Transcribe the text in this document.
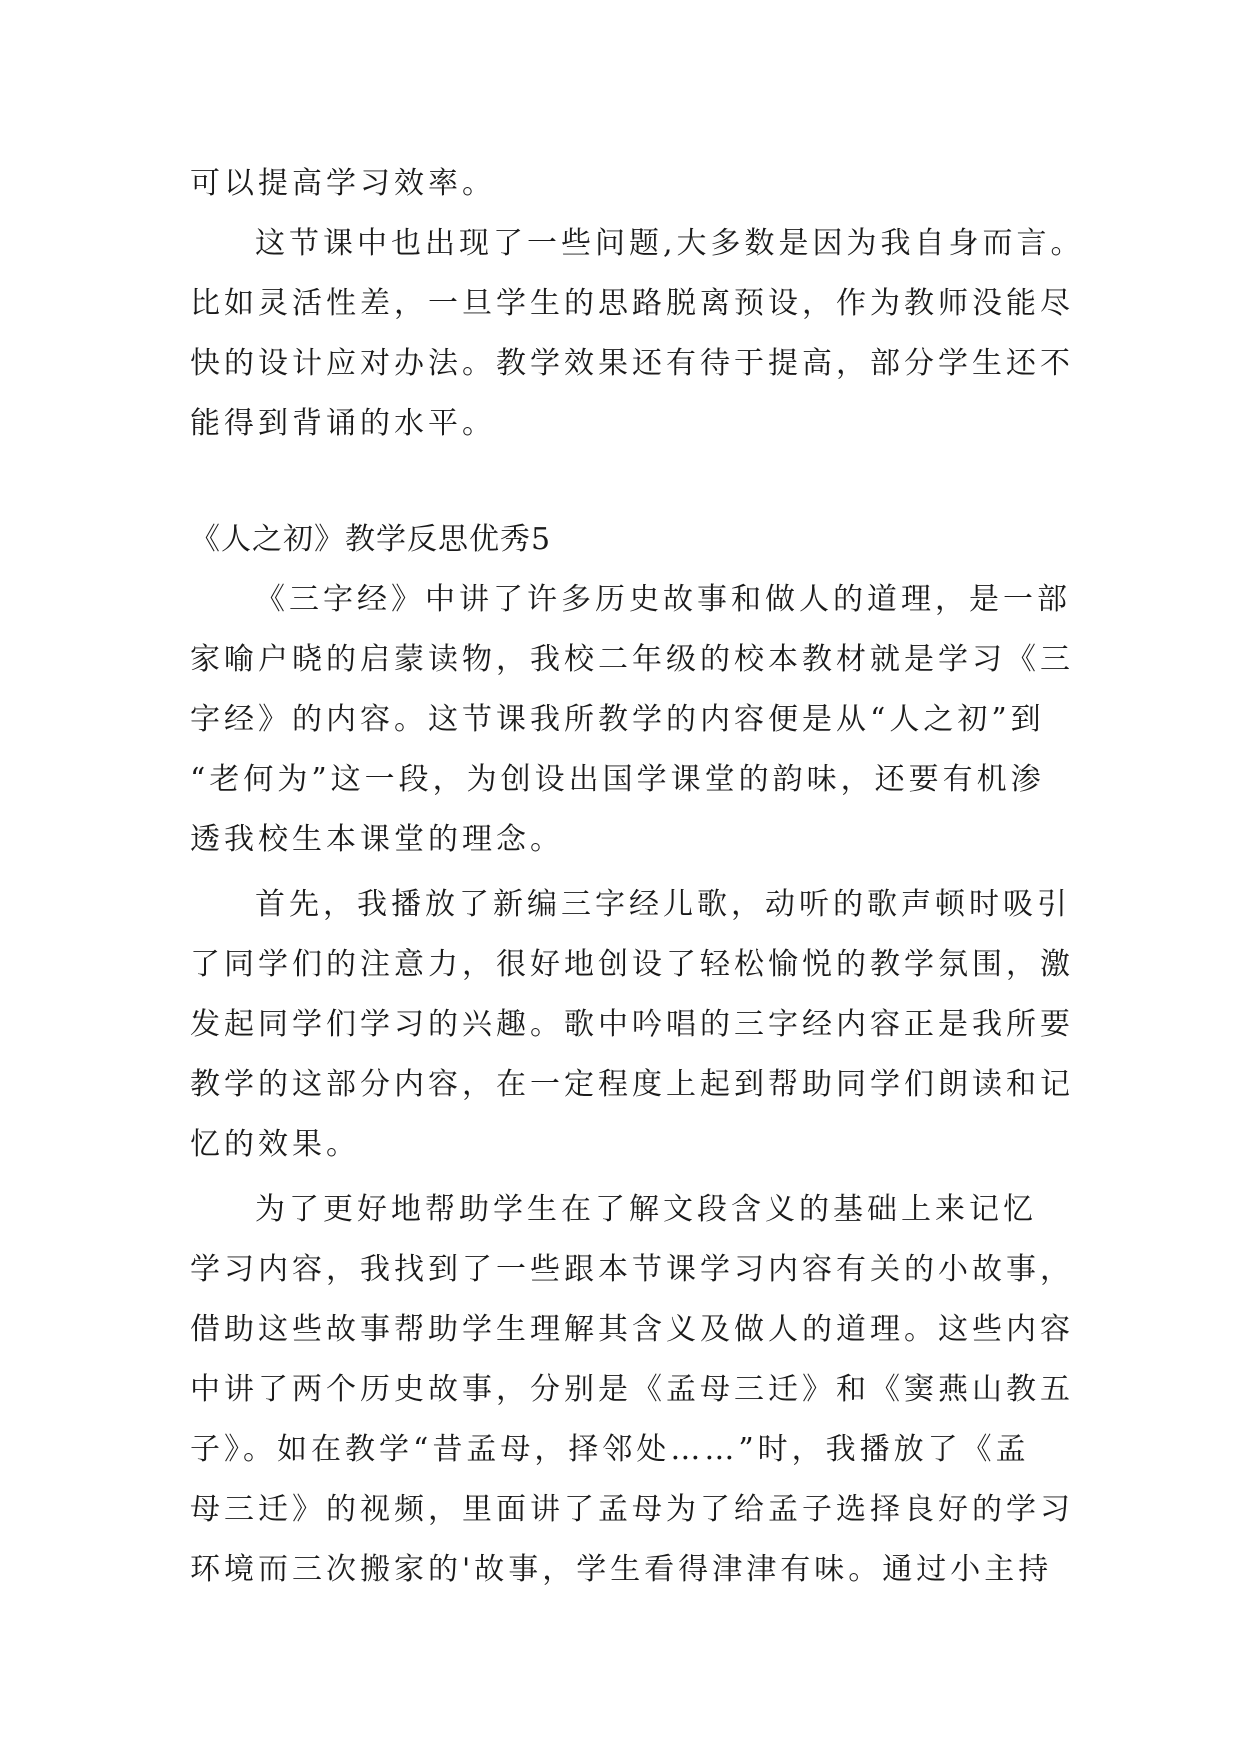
可以提高学习效率。
这节课中也出现了一些问题,大多数是因为我自身而言。
比如灵活性差，一旦学生的思路脱离预设，作为教师没能尽
快的设计应对办法。教学效果还有待于提高，部分学生还不
能得到背诵的水平。
《人之初》教学反思优秀5
《三字经》中讲了许多历史故事和做人的道理，是一部
家喻户晓的启蒙读物，我校二年级的校本教材就是学习《三
字经》的内容。这节课我所教学的内容便是从“人之初”到
“老何为”这一段，为创设出国学课堂的韵味，还要有机渗
透我校生本课堂的理念。
首先，我播放了新编三字经儿歌，动听的歌声顿时吸引
了同学们的注意力，很好地创设了轻松愉悦的教学氛围，激
发起同学们学习的兴趣。歌中吟唱的三字经内容正是我所要
教学的这部分内容，在一定程度上起到帮助同学们朗读和记
忆的效果。
为了更好地帮助学生在了解文段含义的基础上来记忆
学习内容，我找到了一些跟本节课学习内容有关的小故事，
借助这些故事帮助学生理解其含义及做人的道理。这些内容
中讲了两个历史故事，分别是《孟母三迁》和《窦燕山教五
子》。如在教学“昔孟母，择邻处……”时，我播放了《孟
母三迁》的视频，里面讲了孟母为了给孟子选择良好的学习
环境而三次搬家的'故事，学生看得津津有味。通过小主持
